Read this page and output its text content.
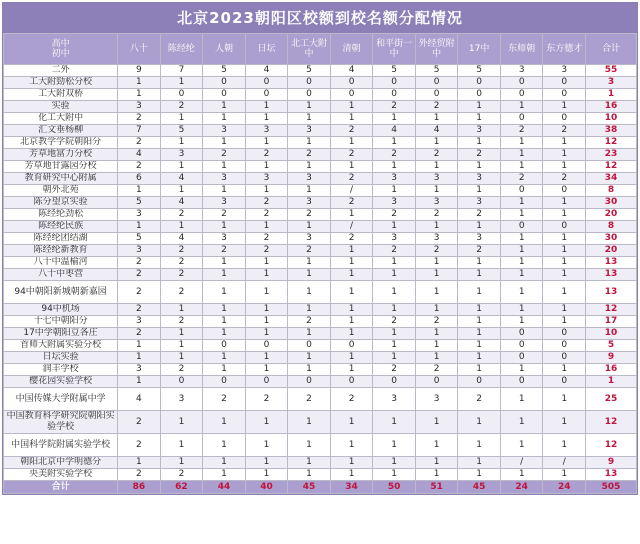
北京2023朝阳区校额到校名额分配情况
高中
初中	八十	陈经纶	人朝	日坛	北工大附中	清朝	和平街一中	外经贸附中	17中	东师朝	东方德才	合计
二外	9	7	5	4	5	4	5	5	5	3	3	55
工大附勁松分校	1	1	0	0	0	0	0	0	0	0	0	3
工大附双桥	1	0	0	0	0	0	0	0	0	0	0	1
实验	3	2	1	1	1	1	2	2	1	1	1	16
化工大附中	2	1	1	1	1	1	1	1	1	0	0	10
汇文垂杨柳	7	5	3	3	3	2	4	4	3	2	2	38
北京教学学院朝阳分	2	1	1	1	1	1	1	1	1	1	1	12
芳草地富力分校	4	3	2	2	2	2	2	2	2	1	1	23
芳草地甘露园分校	2	1	1	1	1	1	1	1	1	1	1	12
教育研究中心附属	6	4	3	3	3	2	3	3	3	2	2	34
朝外北苑	1	1	1	1	1	/	1	1	1	0	0	8
陈分望京实验	5	4	3	2	3	2	3	3	3	1	1	30
陈经纶劲松	3	2	2	2	2	1	2	2	2	1	1	20
陈经纶民族	1	1	1	1	1	/	1	1	1	0	0	8
陈经纶团结湖	5	4	3	2	3	2	3	3	3	1	1	30
陈经纶新教育	3	2	2	2	2	1	2	2	2	1	1	20
八十中温榆河	2	2	1	1	1	1	1	1	1	1	1	13
八十中枣营	2	2	1	1	1	1	1	1	1	1	1	13
94中朝阳新城朝新嘉园	2	2	1	1	1	1	1	1	1	1	1	13
94中机场	2	1	1	1	1	1	1	1	1	1	1	12
十七中朝阳分	3	2	1	1	2	1	2	2	1	1	1	17
17中学朝阳豆各庄	2	1	1	1	1	1	1	1	1	0	0	10
首师大附属实验分校	1	1	0	0	0	0	1	1	1	0	0	5
日坛实验	1	1	1	1	1	1	1	1	1	0	0	9
润丰学校	3	2	1	1	1	1	2	2	1	1	1	16
樱花园实验学校	1	0	0	0	0	0	0	0	0	0	0	1
中国传媒大学附属中学	4	3	2	2	2	2	3	3	2	1	1	25
中国教育科学研究院朝阳实验学校	2	1	1	1	1	1	1	1	1	1	1	12
中国科学院附属实验学校	2	1	1	1	1	1	1	1	1	1	1	12
朝阳北京中学明德分	1	1	1	1	1	1	1	1	1	/	/	9
央美附实验学校	2	2	1	1	1	1	1	1	1	1	1	13
合计	86	62	44	40	45	34	50	51	45	24	24	505
